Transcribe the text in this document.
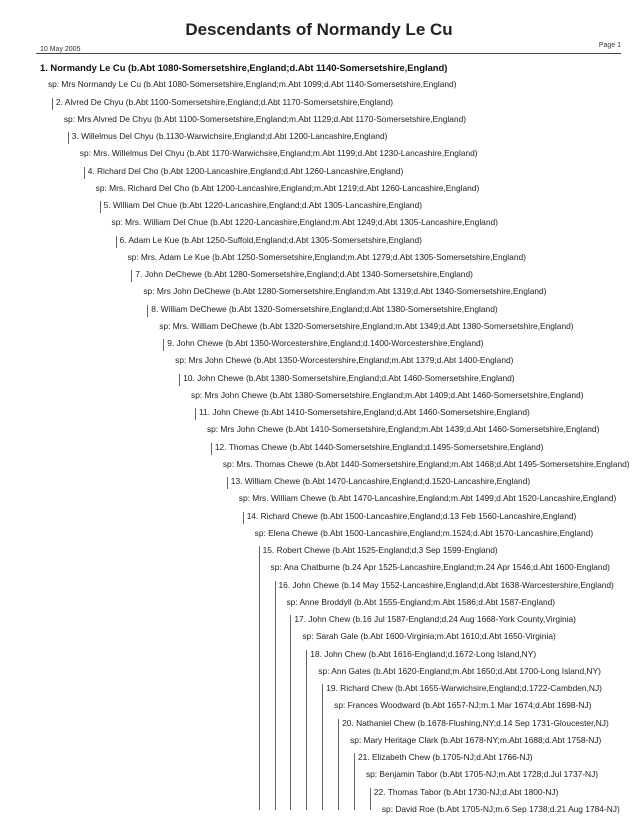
Descendants of Normandy Le Cu
10 May 2005
Page 1
1. Normandy Le Cu (b.Abt 1080-Somersetshire,England;d.Abt 1140-Somersetshire,England)
sp: Mrs Normandy Le Cu (b.Abt 1080-Somersetshire,England;m.Abt 1099;d.Abt 1140-Somersetshire,England)
2. Alvred De Chyu (b.Abt 1100-Somersetshire,England;d.Abt 1170-Somersetshire,England)
sp: Mrs Alvred De Chyu (b.Abt 1100-Somersetshire,England;m.Abt 1129;d.Abt 1170-Somersetshire,England)
3. Willelmus Del Chyu (b.1130-Warwichsire,England;d.Abt 1200-Lancashire,England)
sp: Mrs. Willelmus Del Chyu (b.Abt 1170-Warwichsire,England;m.Abt 1199;d.Abt 1230-Lancashire,England)
4. Richard Del Cho (b.Abt 1200-Lancashire,England;d.Abt 1260-Lancashire,England)
sp: Mrs. Richard Del Cho (b.Abt 1200-Lancashire,England;m.Abt 1219;d.Abt 1260-Lancashire,England)
5. William Del Chue (b.Abt 1220-Lancashire,England;d.Abt 1305-Lancashire,England)
sp: Mrs. William Del Chue (b.Abt 1220-Lancashire,England;m.Abt 1249;d.Abt 1305-Lancashire,England)
6. Adam Le Kue (b.Abt 1250-Suffold,England;d.Abt 1305-Somersetshire,England)
sp: Mrs. Adam Le Kue (b.Abt 1250-Somersetshire,England;m.Abt 1279;d.Abt 1305-Somersetshire,England)
7. John DeChewe (b.Abt 1280-Somersetshire,England;d.Abt 1340-Somersetshire,England)
sp: Mrs John DeChewe (b.Abt 1280-Somersetshire,England;m.Abt 1319;d.Abt 1340-Somersetshire,England)
8. William DeChewe (b.Abt 1320-Somersetshire,England;d.Abt 1380-Somersetshire,England)
sp: Mrs. William DeChewe (b.Abt 1320-Somersetshire,England;m.Abt 1349;d.Abt 1380-Somersetshire,England)
9. John Chewe (b.Abt 1350-Worcestershire,England;d.1400-Worcestershire,England)
sp: Mrs John Chewe (b.Abt 1350-Worcestershire,England;m.Abt 1379;d.Abt 1400-England)
10. John Chewe (b.Abt 1380-Somersetshire,England;d.Abt 1460-Somersetshire,England)
sp: Mrs John Chewe (b.Abt 1380-Somersetshire,England;m.Abt 1409;d.Abt 1460-Somersetshire,England)
11. John Chewe (b.Abt 1410-Somersetshire,England;d.Abt 1460-Somersetshire,England)
sp: Mrs John Chewe (b.Abt 1410-Somersetshire,England;m.Abt 1439;d.Abt 1460-Somersetshire,England)
12. Thomas Chewe (b.Abt 1440-Somersetshire,England;d.1495-Somersetshire,England)
sp: Mrs. Thomas Chewe (b.Abt 1440-Somersetshire,England;m.Abt 1468;d.Abt 1495-Somersetshire,England)
13. William Chewe (b.Abt 1470-Lancashire,England;d.1520-Lancashire,England)
sp: Mrs. William Chewe (b.Abt 1470-Lancashire,England;m.Abt 1499;d.Abt 1520-Lancashire,England)
14. Richard Chewe (b.Abt 1500-Lancashire,England;d.13 Feb 1560-Lancashire,England)
sp: Elena Chewe (b.Abt 1500-Lancashire,England;m.1524;d.Abt 1570-Lancashire,England)
15. Robert Chewe (b.Abt 1525-England;d.3 Sep 1599-England)
sp: Ana Chatburne (b.24 Apr 1525-Lancashire,England;m.24 Apr 1546;d.Abt 1600-England)
16. John Chewe (b.14 May 1552-Lancashire,England;d.Abt 1638-Warcestershire,England)
sp: Anne Broddyll (b.Abt 1555-England;m.Abt 1586;d.Abt 1587-England)
17. John Chew (b.16 Jul 1587-England;d.24 Aug 1668-York County,Virginia)
sp: Sarah Gale (b.Abt 1600-Virginia;m.Abt 1610;d.Abt 1650-Virginia)
18. John Chew (b.Abt 1616-England;d.1672-Long Island,NY)
sp: Ann Gates (b.Abt 1620-England;m.Abt 1650;d.Abt 1700-Long Island,NY)
19. Richard Chew (b.Abt 1655-Warwichsire,England;d.1722-Cambden,NJ)
sp: Frances Woodward (b.Abt 1657-NJ;m.1 Mar 1674;d.Abt 1698-NJ)
20. Nathaniel Chew (b.1678-Flushing,NY;d.14 Sep 1731-Gloucester,NJ)
sp: Mary Heritage Clark (b.Abt 1678-NY;m.Abt 1688;d.Abt 1758-NJ)
21. Elizabeth Chew (b.1705-NJ;d.Abt 1766-NJ)
sp: Benjamin Tabor (b.Abt 1705-NJ;m.Abt 1728;d.Jul 1737-NJ)
22. Thomas Tabor (b.Abt 1730-NJ;d.Abt 1800-NJ)
sp: David Roe (b.Abt 1705-NJ;m.6 Sep 1738;d.21 Aug 1784-NJ)
